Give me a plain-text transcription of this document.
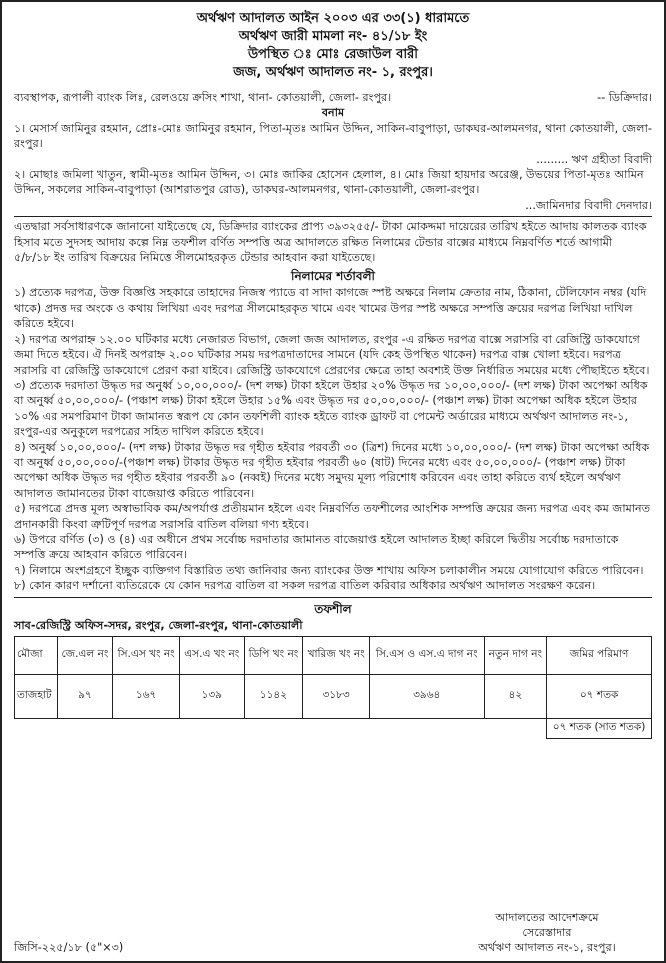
অর্থঋণ আদালত আইন ২০০৩ এর ৩৩(১) ধারামতে
অর্থঋণ জারী মামলা নং- ৪১/১৮ ইং
উপস্থিত ঃ মোঃ রেজাউল বারী
জজ, অর্থঋণ আদালত নং- ১, রংপুর।
ব্যবস্থাপক, রূপালী ব্যাংক লিঃ, রেলওয়ে ক্রসিং শাখা, থানা- কোতয়ালী, জেলা- রংপুর।	-- ডিক্রিদার।
বনাম

১। মেসার্স জামিনুর রহমান, প্রোঃ-মোঃ জামিনুর রহমান, পিতা-মৃতঃ আমিন উদ্দিন, সাকিন-বাবুপাড়া, ডাকঘর-আলমনগর, থানা কোতয়ালী, জেলা- রংপুর।

......... ঋণ গ্রহীতা বিবাদী

২। মোছাঃ জমিলা খাতুন, স্বামী-মৃতঃ আমিন উদ্দিন, ৩। মোঃ জাকির হোসেন হেলাল, ৪। মোঃ জিয়া হায়দার অরেঞ্জ, উভয়ের পিতা-মৃতঃ আমিন উদ্দিন, সকলের সাকিন-বাবুপাড়া (আশরাতপুর রোড), ডাকঘর-আলমনগর, থানা-কোতয়ালী, জেলা-রংপুর।

...জামিনদার বিবাদী দেনদার।

এতদ্বারা সর্বসাধারণকে জানানো যাইতেছে যে, ডিক্রিদার ব্যাংকের প্রাপ্য ৩৯৩২৫৫/- টাকা মোকদ্দমা দায়েরের তারিখ হইতে আদায় কালতক ব্যাংক হিসাব মতে সুদসহ আদায় কল্পে নিম্ন তফশীল বর্ণিত সম্পত্তি অত্র আদালতে রক্ষিত নিলামের টেন্ডার বাক্সের মাধ্যমে নিম্নবর্ণিত শর্তে আগামী ৫/৮/১৮ ইং তারিখ বিক্রয়ের নিমিত্তে সীলমোহরকৃত টেন্ডার আহবান করা যাইতেছে।

নিলামের শর্তাবলী

১) প্রত্যেক দরপত্র, উক্ত বিজ্ঞপ্তি সহকারে তাহাদের নিজস্ব প্যাডে বা সাদা কাগজে স্পষ্ট অক্ষরে নিলাম ক্রেতার নাম, ঠিকানা, টেলিফোন নম্বর (যদি থাকে) প্রদত্ত দর অংকে ও কথায় লিখিয়া এবং দরপত্র সীলমোহরকৃত খামে এবং খামের উপর স্পষ্ট অক্ষরে সম্পত্তি ক্রয়ের দরপত্র লিখিয়া দাখিল করিতে হইবে।

২) দরপত্র অপরাহ্ন ১২.০০ ঘটিকার মধ্যে নেজারত বিভাগ, জেলা জজ আদালত, রংপুর -এ রক্ষিত দরপত্র বাক্সে সরাসরি বা রেজিস্ট্রি ডাকযোগে জমা দিতে হইবে। ঐ দিনই অপরাহ্ন ২.০০ ঘটিকার সময় দরপত্রদাতাদের সামনে (যদি কেহ উপস্থিত থাকেন) দরপত্র বাক্স খোলা হইবে। দরপত্র সরাসরি বা রেজিস্ট্রি ডাকযোগে প্রেরণ করা যাইবে। রেজিস্ট্রি ডাকযোগে প্রেরণের ক্ষেত্রে তাহা অবশ্যই উক্ত নির্ধারিত সময়ের মধ্যে পৌছাইতে হইবে।

৩) প্রত্যেক দরদাতা উদ্ধৃত দর অনুর্ধ্ব ১০,০০,০০০/- (দশ লক্ষ) টাকা হইলে উহার ২০% উদ্ধৃত দর ১০,০০,০০০/- (দশ লক্ষ) টাকা অপেক্ষা অধিক বা অনুর্ধ্ব ৫০,০০,০০০/- (পঞ্চাশ লক্ষ) টাকা হইলে উহার ১৫% এবং উদ্ধৃত দর ৫০,০০,০০০/- (পঞ্চাশ লক্ষ) টাকা অপেক্ষা অধিক হইলে উহার ১০% এর সমপরিমাণ টাকা জামানত স্বরূপ যে কোন তফশিলী ব্যাংক হইতে ব্যাংক ড্রাফট বা পেমেন্ট অর্ডারের মাধ্যমে অর্থঋণ আদালত নং-১, রংপুর-এর অনুকূলে দরপত্রের সহিত দাখিল করিতে হইবে।

৪) অনুর্ধ্ব ১০,০০,০০০/- (দশ লক্ষ) টাকার উদ্ধৃত দর গৃহীত হইবার পরবর্তী ৩০ (ত্রিশ) দিনের মধ্যে ১০,০০,০০০/- (দশ লক্ষ) টাকা অপেক্ষা অধিক বা অনুর্ধ্ব ৫০,০০,০০০/-(পঞ্চাশ লক্ষ) টাকার উদ্ধৃত দর গৃহীত হইবার পরবর্তী ৬০ (ষাট) দিনের মধ্যে এবং ৫০,০০,০০০/- (পঞ্চাশ লক্ষ) টাকা অপেক্ষা অধিক উদ্ধৃত দর গৃহীত হইবার পরবর্তী ৯০ (নব্বই) দিনের মধ্যে সমুদয় মূল্য পরিশোধ করিবেন এবং তাহা করিতে ব্যর্থ হইলে অর্থঋণ আদালত জামানতের টাকা বাজেয়াপ্ত করিতে পারিবেন।

৫) দরপত্রে প্রদত্ত মূল্য অস্বাভাবিক কম/অপর্যাপ্ত প্রতীয়মান হইলে এবং নিম্নবর্ণিত তফশীলের আংশিক সম্পত্তি ক্রয়ের জন্য দরপত্র এবং কম জামানত প্রদানকারী কিংবা ত্রুটিপূর্ণ দরপত্র সরাসরি বাতিল বলিয়া গণ্য হইবে।

৬) উপরে বর্ণিত (৩) ও (৪) এর অধীনে প্রথম সর্বোচ্চ দরদাতার জামানত বাজেয়াপ্ত হইলে আদালত ইচ্ছা করিলে দ্বিতীয় সর্বোচ্চ দরদাতাকে সম্পত্তি ক্রয়ে আহবান করিতে পারিবেন।

৭) নিলামে অংশগ্রহণে ইচ্ছুক ব্যক্তিগণ বিস্তারিত তথ্য জানিবার জন্য ব্যাংকের উক্ত শাখায় অফিস চলাকালীন সময়ে যোগাযোগ করিতে পারিবেন।

৮) কোন কারণ দর্শানো ব্যতিরেকে যে কোন দরপত্র বাতিল বা সকল দরপত্র বাতিল করিবার অধিকার অর্থঋণ আদালত সংরক্ষণ করেন।

তফশীল
সাব-রেজিস্ট্রি অফিস-সদর, রংপুর, জেলা-রংপুর, থানা-কোতয়ালী
মৌজা	জে.এল নং	সি.এস খং নং	এস.এ খং নং	ডিপি খং নং	খারিজ খং নং	সি.এস ও এস.এ দাগ নং	নতুন দাগ নং	জমির পরিমাণ
তাজহাট	৯৭	১৬৭	১৩৯	১১৪২	৩১৮৩	৩৯৬৪	৪২	০৭ শতক
								০৭ শতক (সাত শতক)
জিসি-২২৫/১৮ (৫"×৩)
আদালতের আদেশক্রমে
সেরেস্তাদার
অর্থঋণ আদালত নং-১, রংপুর।
